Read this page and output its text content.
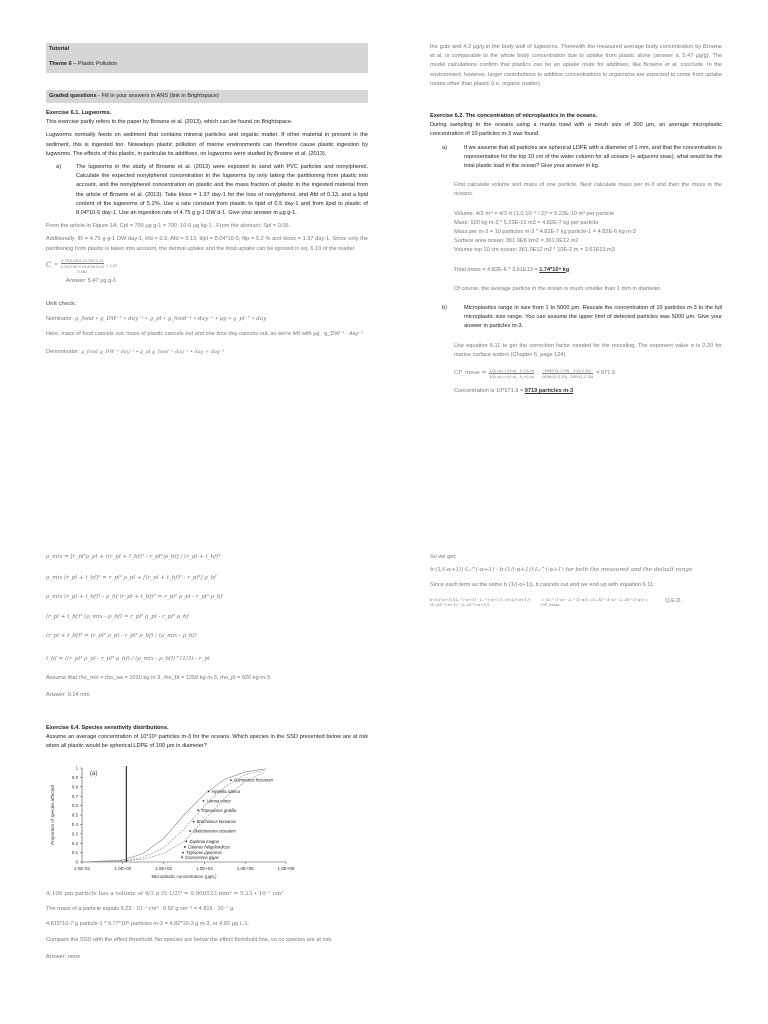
Tutorial
Theme 6 – Plastic Pollution
Graded questions - Fill in your answers in ANS (link in Brightspace)
Exercise 6.1. Lugworms.

This exercise partly refers to the paper by Browne et al. (2013), which can be found on Brightspace.

Lugworms normally feeds on sediment that contains mineral particles and organic matter. If other material in present in the sediment, this is ingested too. Nowadays plastic pollution of marine environments can therefore cause plastic ingestion by lugworms. The effects of this plastic, in particular its additives, on lugworms were studied by Browne et al. (2013).

a)	The lugworms in the study of Browne et al. (2013) were exposed to sand with PVC particles and nonylphenol. Calculate the expected nonylphenol concentration in the lugworms by only taking the partitioning from plastic into account, and the nonylphenol concentration on plastic and the mass fraction of plastic in the ingested material from the article of Browne et al. (2013). Take kloss = 1.97 day-1 for the loss of nonylphenol, and Afd of 0.13, and a lipid content of the lugworms of 5.2%. Use a rate constant from plastic to lipid of 0.5 day-1 and from lipid to plastic of 8.04*10-5 day-1. Use an ingestion rate of 4.75 g g-1 DW d-1. Give your answer in μg g-1.

From the article in Figure 1A: Cpl = 700 μg g-1 = 700 ∙10-6 μg kg-1 . From the abstract: Spl = 0.05.

Additionally, IR = 4.75 g g-1 DW day-1, kfd = 0.5, Afd = 0.13, klpl = 8.04*10-5, flip = 5.2 % and kloss = 1.97 day-1. Since only the partitioning from plastic is taken into account, the dermal uptake and the food uptake can be ignored in eq. 6.10 of the reader.

C =
4.75∙0.05∙0.13∙700∙0.13
4.75∙0.05∙0.13∙8.04∙0.13
0.052
+ 1.97

Answer: 5.47 μg g-1

Unit check:

Nominator: g_food ∙ g_DW⁻¹ ∙ day⁻¹ ∙ g_pl ∙ g_food⁻¹ ∙ day⁻¹ ∙ μg ∙ g_pl⁻¹ ∙ day

Here, mass of food cancels out, mass of plastic cancels out and one time day cancels out, so we're left with μg ∙ g_DW⁻¹ ∙ day⁻¹

Denominator: g_food g_DW⁻¹ day⁻¹ ∙ g_pl g_food⁻¹ day⁻¹ ∙ day + day⁻¹

the guts and 4.2 μg/g in the body wall of lugworms. Therewith the measured average body concentration by Browne et al. is comparable to the whole body concentration due to uptake from plastic alone (answer a, 5.47 μg/g). The model calculations confirm that plastics can be an uptake route for additives, like Browne et al. conclude. In the environment, however, larger contributions to additive concentrations in organisms are expected to come from uptake routes other than plastic (i.e. organic matter).

Exercise 6.2. The concentration of microplastics in the oceans.

During sampling in the oceans using a manta trawl with a mesh size of 300 μm, an average microplastic concentration of 10 particles m-3 was found.

a)	If we assume that all particles are spherical LDPE with a diameter of 1 mm, and that the concentration is representative for the top 10 cm of the water column for all oceans (+ adjacent seas), what would be the total plastic load in the ocean? Give your answer in kg.

First calculate volume and mass of one particle. Next calculate mass per m-3 and then the mass in the oceans.

Volume: 4/3 πr³ = 4/3 π (1.0·10⁻³ / 2)³ = 5.23E-10 m³ per particle

Mass: 920 kg m-3 * 5.23E-10 m3 = 4.82E-7 kg per particle

Mass per m-3 = 10 particles m-3 * 4.82E-7 kg particle-1 = 4.82E-6 kg m-3

Surface area ocean: 361.0E6 km2 = 361.0E12 m2

Volume top 10 cm ocean: 361.0E12 m2 * 10E-2 m = 3.61E13 m3

Total mass = 4.82E-6 * 3.61E13 = 1.74*10⁸ kg

Of course, the average particle in the ocean is much smaller than 1 mm in diameter.

b)	Microplastics range in size from 1 to 5000 μm. Rescale the concentration of 10 particles m-3 to the full microplastic size range. You can assume the upper limit of detected particles was 5000 μm. Give your answer in particles m-3.

Use equation 6.11 to get the correction factor needed for the rescaling. The exponent value α is 2.20 for marine surface waters (Chapter 6, page 124).

CF_meas = $\frac{\text{1/(1-α) L₂\textasciicircum{}(1-α) - L₁\textasciicircum{}(1-α)}}{\text{1/(1-α) L₂\textasciicircum{}(1-α) - L₁\textasciicircum{}(1-α)}} = \frac{5000\^{}(1-2.20) - 1\^{}(1-2.20)}{5000\^{}(1-2.20) - 300\^{}(1-2.20)} = 971.9$

Concentration is 10*971.9 = 9719 particles m-3

ρ_mix = [r_pl³ρ_pl + ((r_pl + t_bf)³ - r_pl³)ρ_bf] / (r_pl + t_bf)³

ρ_mix (r_pl + t_bf)³ = r_pl³ ρ_pl + [(r_pl + t_bf)³ - r_pl³] ρ_bf

ρ_mix (r_pl + t_bf)³ - ρ_bf (r_pl + t_bf)³ = r_pl³ ρ_pl - r_pl³ ρ_bf

(r_pl + t_bf)³ (ρ_mix - ρ_bf) = r_pl³ ρ_pl - r_pl³ ρ_bf

(r_pl + t_bf)³ = (r_pl³ ρ_pl - r_pl³ ρ_bf) / (ρ_mix - ρ_bf)

t_bf = ((r_pl³ ρ_pl - r_pl³ ρ_bf) / (ρ_mix - ρ_bf))^(1/3) - r_pl

Assume that rho_mix = rho_sw = 1030 kg m-3, rho_bf = 1250 kg m-3, rho_pl = 920 kg m-3.

Answer: 0.14 mm

So we get:

b·(1/(-α+1))·L₂^(-α+1) - b·(1/(-α+1))·L₁^(-α+1) for both the measured and the default range.

Since each term as the same b·(1/(-α+1)), it cancels out and we end up with equation 6.11:

b·(1/(-α+1))(L₂^(-α+1) - L₁^(-α+1)) / b·(1/(-α+1))(L₂,M^(-α+1) - L₁,M^(-α+1))
= (L₂^(1-α) - L₁^(1-α)) / (L₂,M^(1-α) - L₁,M^(1-α)) = CF_meas	Q.E.D.
Exercise 6.4. Species sensitivity distributions.

Assume an average concentration of 10*10⁶ particles m-3 for the oceans. Which species in the SSD presented below are at risk when all plastic would be spherical LDPE of 100 μm in diameter?

0
0.1
0.2
0.3
0.4
0.5
0.6
0.7
0.8
0.9
1
1.0E-02	1.0E+00	1.0E+02	1.0E+04	1.0E+06	1.0E+08
Microplastic concentration (μg/L)
Proportion of species affected
(a)
Crassostrea gigas
Tigriopus japonicus
Calanus helgolandicus
Daphnia magna
Skeletonema costatum
Brachionus koreanus
Tripneustes gratilla
Lemna minor
Hyalella azteca
Gammarus fossarum

A 100 μm particle has a volume of 4/3 π (0.1/2)³ = 0.000523 mm³ = 5.23 ∙ 10⁻⁷ cm³

The mass of a particle equals 5.23 ∙ 10⁻⁷ cm³ ∙ 0.92 g cm⁻³ = 4.815 ∙ 10⁻⁷ g

4.815*10-7 g particle-1 * 9.77*10⁶ particles m-3 = 4.82*10-3 g m-3, or 4.82 μg L-1.

Compare the SSD with the effect threshold. No species are below the effect threshold line, so no species are at risk.

Answer: none
